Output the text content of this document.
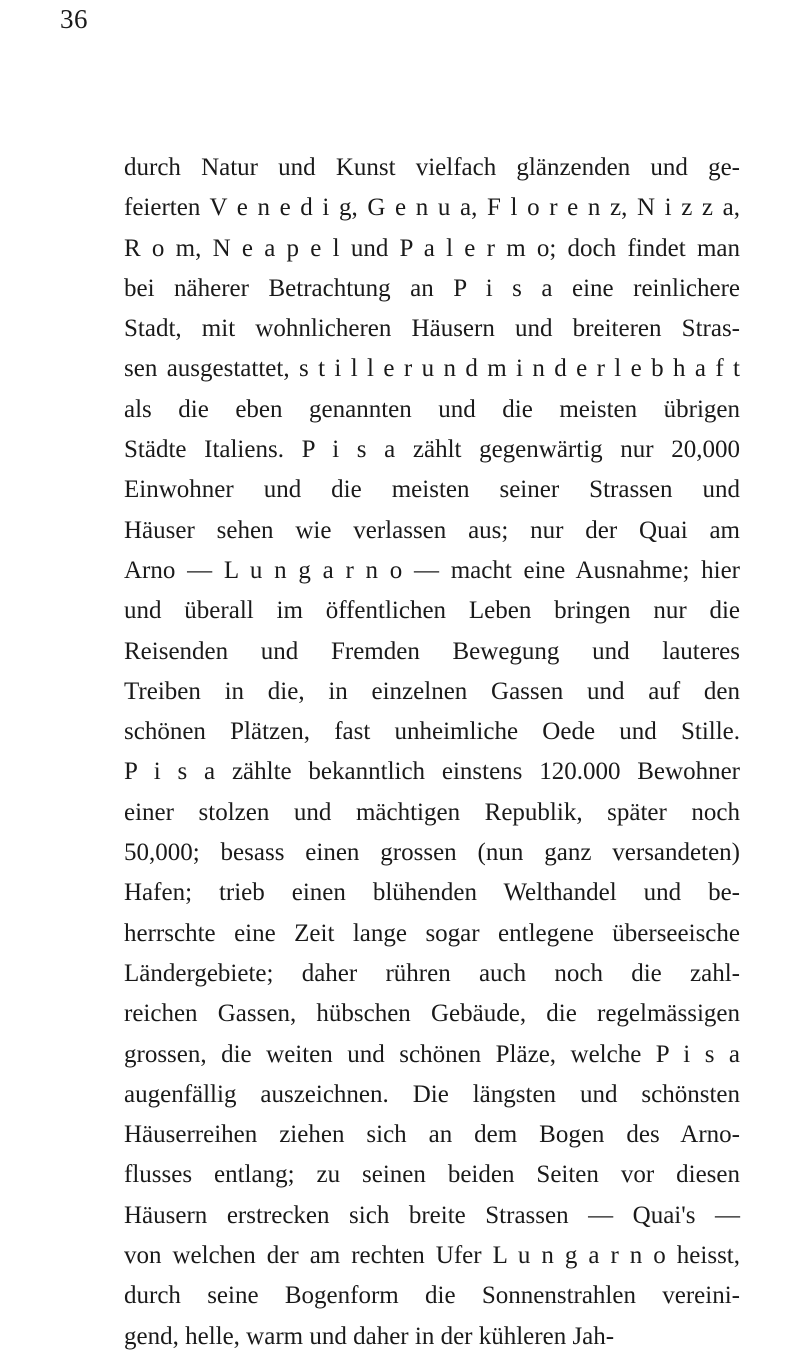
36
durch Natur und Kunst vielfach glänzenden und ge-
feierten V e n e d i g, G e n u a, F l o r e n z, N i z z a,
R o m, N e a p e l und P a l e r m o; doch findet man
bei näherer Betrachtung an P i s a eine reinlichere
Stadt, mit wohnlicheren Häusern und breiteren Stras-
sen ausgestattet, s t i l l e r u n d m i n d e r l e b h a f t
als die eben genannten und die meisten übrigen
Städte Italiens. P i s a zählt gegenwärtig nur 20,000
Einwohner und die meisten seiner Strassen und
Häuser sehen wie verlassen aus; nur der Quai am
Arno — L u n g a r n o — macht eine Ausnahme; hier
und überall im öffentlichen Leben bringen nur die
Reisenden und Fremden Bewegung und lauteres
Treiben in die, in einzelnen Gassen und auf den
schönen Plätzen, fast unheimliche Oede und Stille.
P i s a zählte bekanntlich einstens 120.000 Bewohner
einer stolzen und mächtigen Republik, später noch
50,000; besass einen grossen (nun ganz versandeten)
Hafen; trieb einen blühenden Welthandel und be-
herrschte eine Zeit lange sogar entlegene überseeische
Ländergebiete; daher rühren auch noch die zahl-
reichen Gassen, hübschen Gebäude, die regelmässigen
grossen, die weiten und schönen Pläze, welche P i s a
augenfällig auszeichnen. Die längsten und schönsten
Häuserreihen ziehen sich an dem Bogen des Arno-
flusses entlang; zu seinen beiden Seiten vor diesen
Häusern erstrecken sich breite Strassen — Quai's —
von welchen der am rechten Ufer L u n g a r n o heisst,
durch seine Bogenform die Sonnenstrahlen vereini-
gend, helle, warm und daher in der kühleren Jah-
